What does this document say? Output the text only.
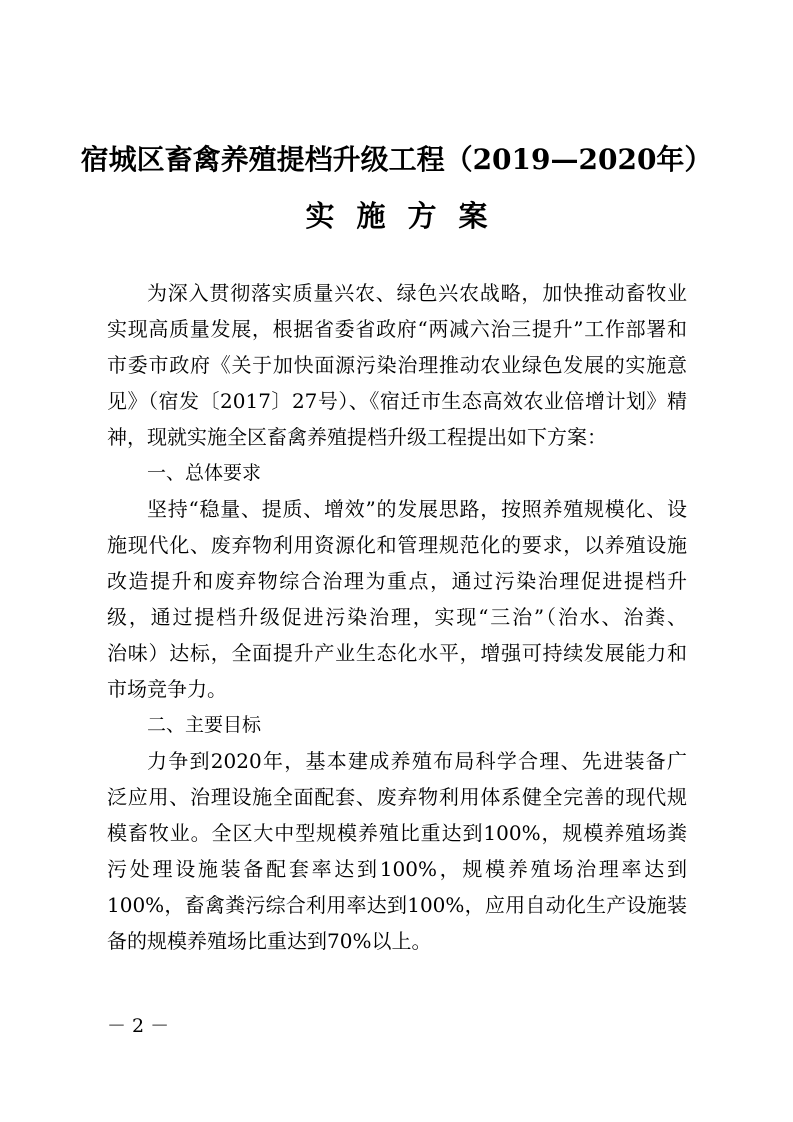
宿城区畜禽养殖提档升级工程（2019—2020年）
实施方案
为深入贯彻落实质量兴农、绿色兴农战略，加快推动畜牧业
实现高质量发展，根据省委省政府“两减六治三提升”工作部署和
市委市政府《关于加快面源污染治理推动农业绿色发展的实施意
见》（宿发〔2017〕27号）、《宿迁市生态高效农业倍增计划》精
神，现就实施全区畜禽养殖提档升级工程提出如下方案：
一、总体要求
坚持“稳量、提质、增效”的发展思路，按照养殖规模化、设
施现代化、废弃物利用资源化和管理规范化的要求，以养殖设施
改造提升和废弃物综合治理为重点，通过污染治理促进提档升
级，通过提档升级促进污染治理，实现“三治”（治水、治粪、
治味）达标，全面提升产业生态化水平，增强可持续发展能力和
市场竞争力。
二、主要目标
力争到2020年，基本建成养殖布局科学合理、先进装备广
泛应用、治理设施全面配套、废弃物利用体系健全完善的现代规
模畜牧业。全区大中型规模养殖比重达到100%，规模养殖场粪
污处理设施装备配套率达到100%，规模养殖场治理率达到
100%，畜禽粪污综合利用率达到100%，应用自动化生产设施装
备的规模养殖场比重达到70%以上。
－ 2 －
